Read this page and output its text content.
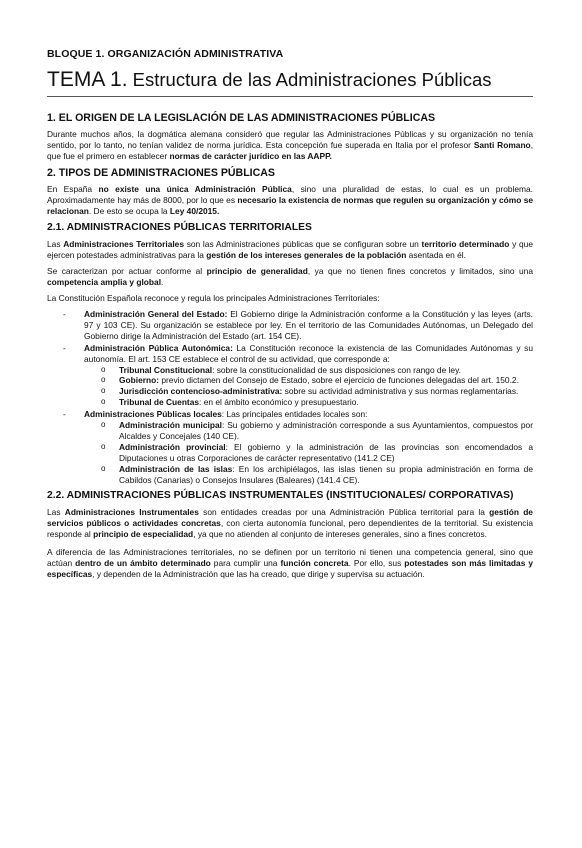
BLOQUE 1. ORGANIZACIÓN ADMINISTRATIVA
TEMA 1. Estructura de las Administraciones Públicas
1. EL ORIGEN DE LA LEGISLACIÓN DE LAS ADMINISTRACIONES PÚBLICAS

Durante muchos años, la dogmática alemana consideró que regular las Administraciones Públicas y su organización no tenía sentido, por lo tanto, no tenían validez de norma jurídica. Esta concepción fue superada en Italia por el profesor Santi Romano, que fue el primero en establecer normas de carácter jurídico en las AAPP.

2. TIPOS DE ADMINISTRACIONES PÚBLICAS

En España no existe una única Administración Pública, sino una pluralidad de estas, lo cual es un problema. Aproximadamente hay más de 8000, por lo que es necesario la existencia de normas que regulen su organización y cómo se relacionan. De esto se ocupa la Ley 40/2015.

2.1. ADMINISTRACIONES PÚBLICAS TERRITORIALES

Las Administraciones Territoriales son las Administraciones públicas que se configuran sobre un territorio determinado y que ejercen potestades administrativas para la gestión de los intereses generales de la población asentada en él.

Se caracterizan por actuar conforme al principio de generalidad, ya que no tienen fines concretos y limitados, sino una competencia amplia y global.

La Constitución Española reconoce y regula los principales Administraciones Territoriales:

- Administración General del Estado: El Gobierno dirige la Administración conforme a la Constitución y las leyes (arts. 97 y 103 CE). Su organización se establece por ley. En el territorio de las Comunidades Autónomas, un Delegado del Gobierno dirige la Administración del Estado (art. 154 CE).
- Administración Pública Autonómica: La Constitución reconoce la existencia de las Comunidades Autónomas y su autonomía. El art. 153 CE establece el control de su actividad, que corresponde a:
o Tribunal Constitucional: sobre la constitucionalidad de sus disposiciones con rango de ley.
o Gobierno: previo dictamen del Consejo de Estado, sobre el ejercicio de funciones delegadas del art. 150.2.
o Jurisdicción contencioso-administrativa: sobre su actividad administrativa y sus normas reglamentarias.
o Tribunal de Cuentas: en el ámbito económico y presupuestario.
- Administraciones Públicas locales: Las principales entidades locales son:
o Administración municipal: Su gobierno y administración corresponde a sus Ayuntamientos, compuestos por Alcaldes y Concejales (140 CE).
o Administración provincial: El gobierno y la administración de las provincias son encomendados a Diputaciones u otras Corporaciones de carácter representativo (141.2 CE)
o Administración de las islas: En los archipiélagos, las islas tienen su propia administración en forma de Cabildos (Canarias) o Consejos Insulares (Baleares) (141.4 CE).
2.2. ADMINISTRACIONES PÚBLICAS INSTRUMENTALES (INSTITUCIONALES/ CORPORATIVAS)

Las Administraciones Instrumentales son entidades creadas por una Administración Pública territorial para la gestión de servicios públicos o actividades concretas, con cierta autonomía funcional, pero dependientes de la territorial. Su existencia responde al principio de especialidad, ya que no atienden al conjunto de intereses generales, sino a fines concretos.

A diferencia de las Administraciones territoriales, no se definen por un territorio ni tienen una competencia general, sino que actúan dentro de un ámbito determinado para cumplir una función concreta. Por ello, sus potestades son más limitadas y específicas, y dependen de la Administración que las ha creado, que dirige y supervisa su actuación.
